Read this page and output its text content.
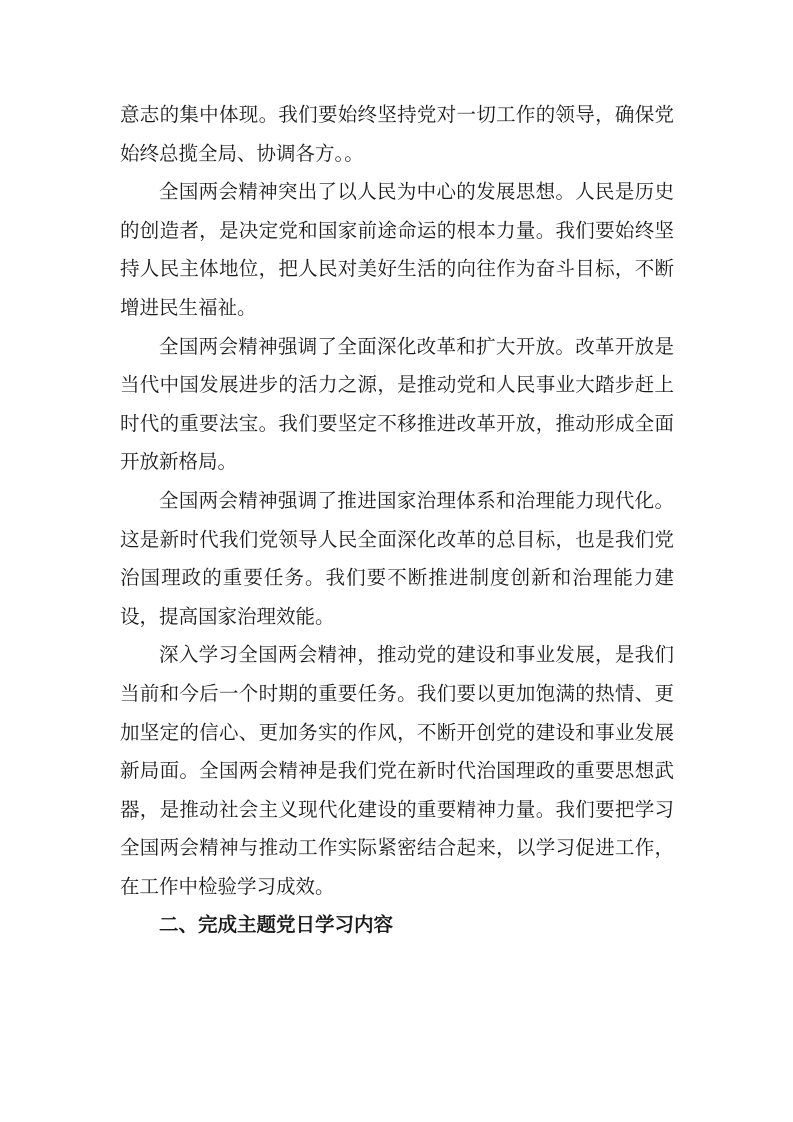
意志的集中体现。我们要始终坚持党对一切工作的领导，确保党始终总揽全局、协调各方。。

全国两会精神突出了以人民为中心的发展思想。人民是历史的创造者，是决定党和国家前途命运的根本力量。我们要始终坚持人民主体地位，把人民对美好生活的向往作为奋斗目标，不断增进民生福祉。

全国两会精神强调了全面深化改革和扩大开放。改革开放是当代中国发展进步的活力之源，是推动党和人民事业大踏步赶上时代的重要法宝。我们要坚定不移推进改革开放，推动形成全面开放新格局。

全国两会精神强调了推进国家治理体系和治理能力现代化。这是新时代我们党领导人民全面深化改革的总目标，也是我们党治国理政的重要任务。我们要不断推进制度创新和治理能力建设，提高国家治理效能。

深入学习全国两会精神，推动党的建设和事业发展，是我们当前和今后一个时期的重要任务。我们要以更加饱满的热情、更加坚定的信心、更加务实的作风，不断开创党的建设和事业发展新局面。全国两会精神是我们党在新时代治国理政的重要思想武器，是推动社会主义现代化建设的重要精神力量。我们要把学习全国两会精神与推动工作实际紧密结合起来，以学习促进工作，在工作中检验学习成效。

二、完成主题党日学习内容
